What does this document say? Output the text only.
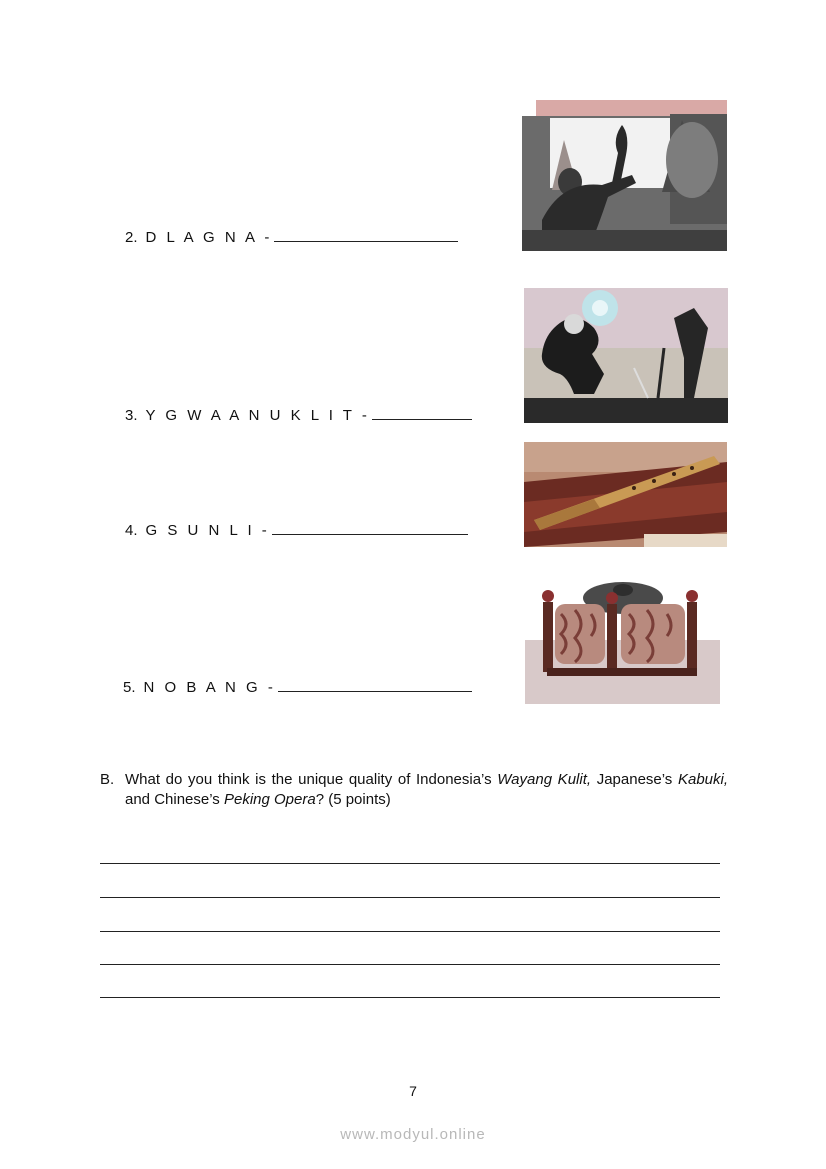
2. D L A G N A -
3. Y G W A A N U K L I T -
4. G S U N L I -
5. N O B A N G -
B. What do you think is the unique quality of Indonesia’s Wayang Kulit, Japanese’s Kabuki, and Chinese’s Peking Opera? (5 points)
7
www.modyul.online
